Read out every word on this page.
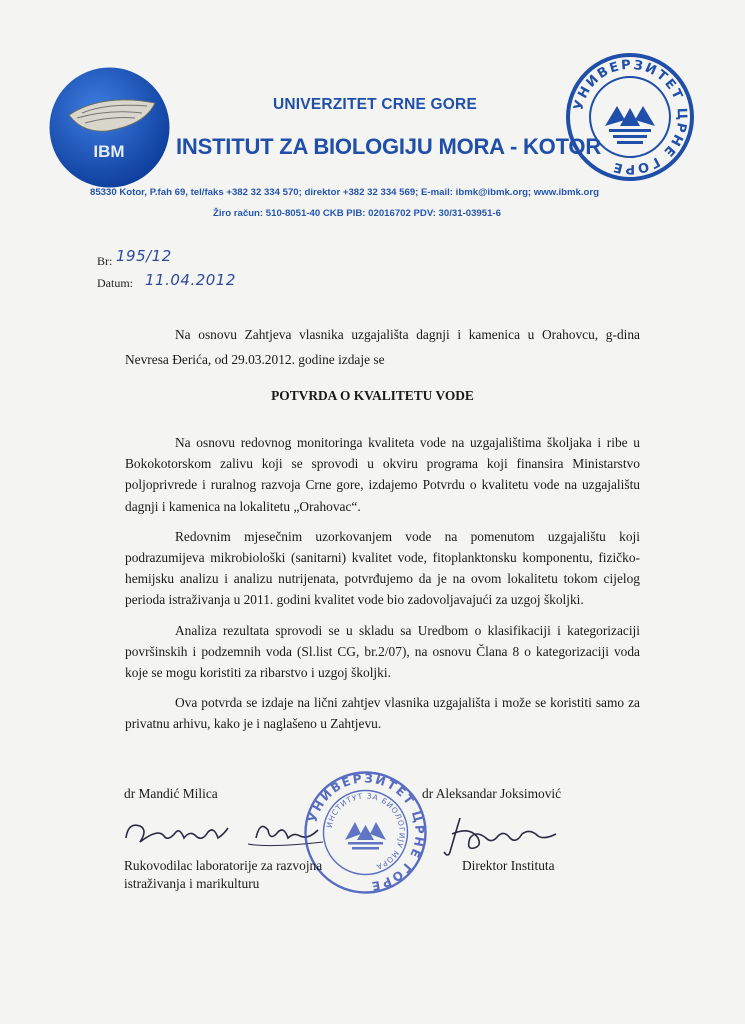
IBM
UNIVERZITET CRNE GORE
INSTITUT ZA BIOLOGIJU MORA - KOTOR
УНИВЕРЗИТЕТ ЦРНЕ ГОРЕ
85330 Kotor, P.fah 69, tel/faks +382 32 334 570; direktor +382 32 334 569; E-mail: ibmk@ibmk.org; www.ibmk.org
Žiro račun: 510-8051-40 CKB PIB: 02016702 PDV: 30/31-03951-6
Br: 195/12
Datum: 11.04.2012

Na osnovu Zahtjeva vlasnika uzgajališta dagnji i kamenica u Orahovcu, g-dina Nevresa Đerića, od 29.03.2012. godine izdaje se

POTVRDA O KVALITETU VODE

Na osnovu redovnog monitoringa kvaliteta vode na uzgajalištima školjaka i ribe u Bokokotorskom zalivu koji se sprovodi u okviru programa koji finansira Ministarstvo poljoprivrede i ruralnog razvoja Crne gore, izdajemo Potvrdu o kvalitetu vode na uzgajalištu dagnji i kamenica na lokalitetu „Orahovac“.

Redovnim mjesečnim uzorkovanjem vode na pomenutom uzgajalištu koji podrazumijeva mikrobiološki (sanitarni) kvalitet vode, fitoplanktonsku komponentu, fizičko-hemijsku analizu i analizu nutrijenata, potvrđujemo da je na ovom lokalitetu tokom cijelog perioda istraživanja u 2011. godini kvalitet vode bio zadovoljavajući za uzgoj školjki.

Analiza rezultata sprovodi se u skladu sa Uredbom o klasifikaciji i kategorizaciji površinskih i podzemnih voda (Sl.list CG, br.2/07), na osnovu Člana 8 o kategorizaciji voda koje se mogu koristiti za ribarstvo i uzgoj školjki.

Ova potvrda se izdaje na lični zahtjev vlasnika uzgajališta i može se koristiti samo za privatnu arhivu, kako je i naglašeno u Zahtjevu.

dr Mandić Milica	dr Aleksandar Joksimović
УНИВЕРЗИТЕТ ЦРНЕ ГОРЕ
ИНСТИТУТ ЗА БИОЛОГИЈУ МОРА
Rukovodilac laboratorije za razvojna
istraživanja i marikulturu
Direktor Instituta
